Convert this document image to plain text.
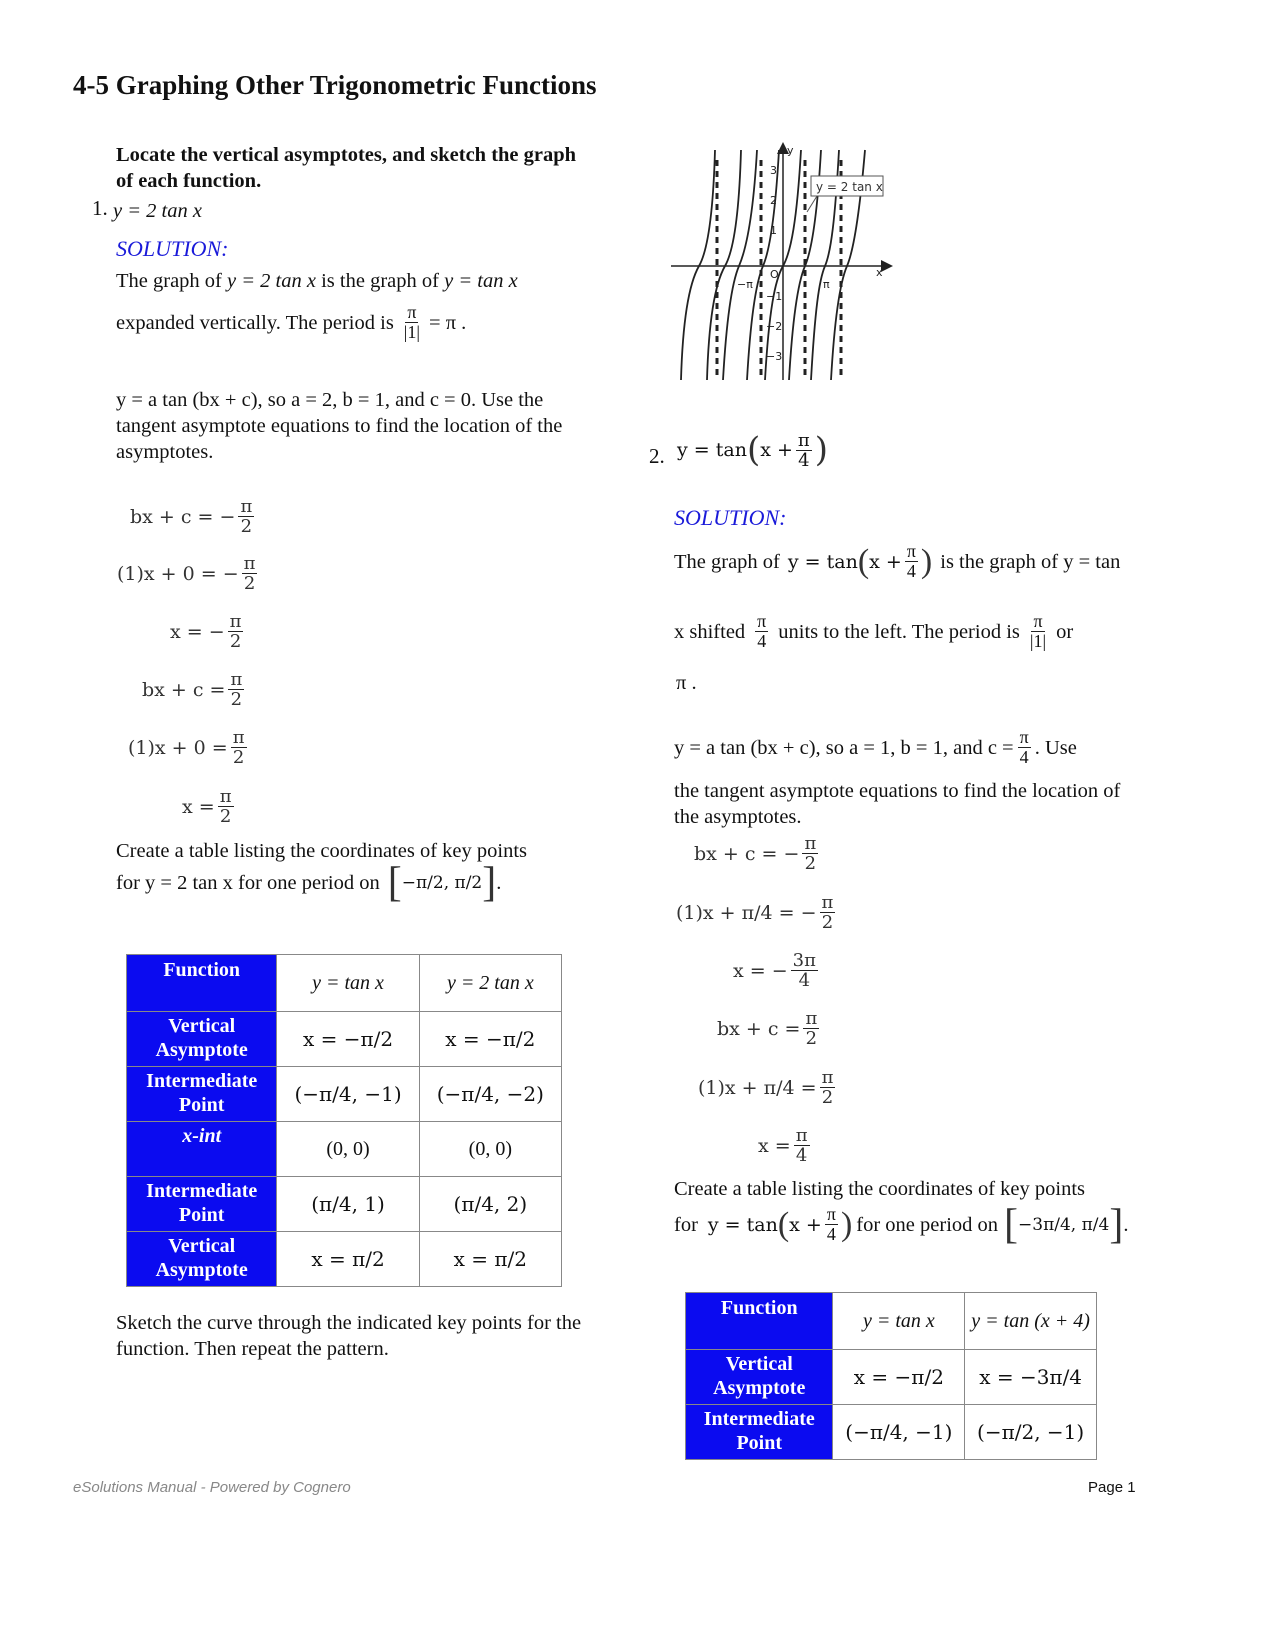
4-5 Graphing Other Trigonometric Functions
Locate the vertical asymptotes, and sketch the graph of each function.
1. y = 2 tan x
SOLUTION:
The graph of y = 2 tan x is the graph of y = tan x
expanded vertically. The period is $\frac{\pi}{|1|} = \pi$ .
y = a tan (bx + c), so a = 2, b = 1, and c = 0. Use the tangent asymptote equations to find the location of the asymptotes.
bx + c = − $\frac{\pi}{2}$
(1)x + 0 = − $\frac{\pi}{2}$
x = − $\frac{\pi}{2}$
bx + $c = \frac{\pi}{2}$
$(1)x + 0 = \frac{\pi}{2}$
$x = \frac{\pi}{2}$
Create a table listing the coordinates of key points
for y = 2 tan x for one period on [ −π/2, π/2 ] .
Function	y = tan x	y = 2 tan x
Vertical Asymptote	x = −π/2	x = −π/2
Intermediate Point	(−π/4, −1)	(−π/4, −2)
x-int	(0, 0)	(0, 0)
Intermediate Point	(π/4, 1)	(π/4, 2)
Vertical Asymptote	x = π/2	x = π/2
Sketch the curve through the indicated key points for the function. Then repeat the pattern.
y = 2 tan x
x
y
3
2
1
O
−π	π
−1
−2
−3
2. y = tan ( $x + \frac{\pi}{4}$ )
SOLUTION:
The graph of y = tan ( $x + \frac{\pi}{4}$ ) is the graph of y = tan
x shifted $\frac{\pi}{4}$ units to the left. The period is $\frac{\pi}{|1|}$ or
π .
y = a tan (bx + c), so a = 1, b = 1, and $c = \frac{\pi}{4}$ . Use
the tangent asymptote equations to find the location of the asymptotes.
bx + c = − $\frac{\pi}{2}$
(1)x + π/4 = − $\frac{\pi}{2}$
x = − $\frac{3\pi}{4}$
bx + $c = \frac{\pi}{2}$
$(1)x + \pi/4 = \frac{\pi}{2}$
$x = \frac{\pi}{4}$
Create a table listing the coordinates of key points
for y = tan ( $x + \frac{\pi}{4}$ ) for one period on [ −3π/4, π/4 ] .
Function	y = tan x	y = tan (x + 4)
Vertical Asymptote	x = −π/2	x = −3π/4
Intermediate Point	(−π/4, −1)	(−π/2, −1)
eSolutions Manual - Powered by Cognero	Page 1
